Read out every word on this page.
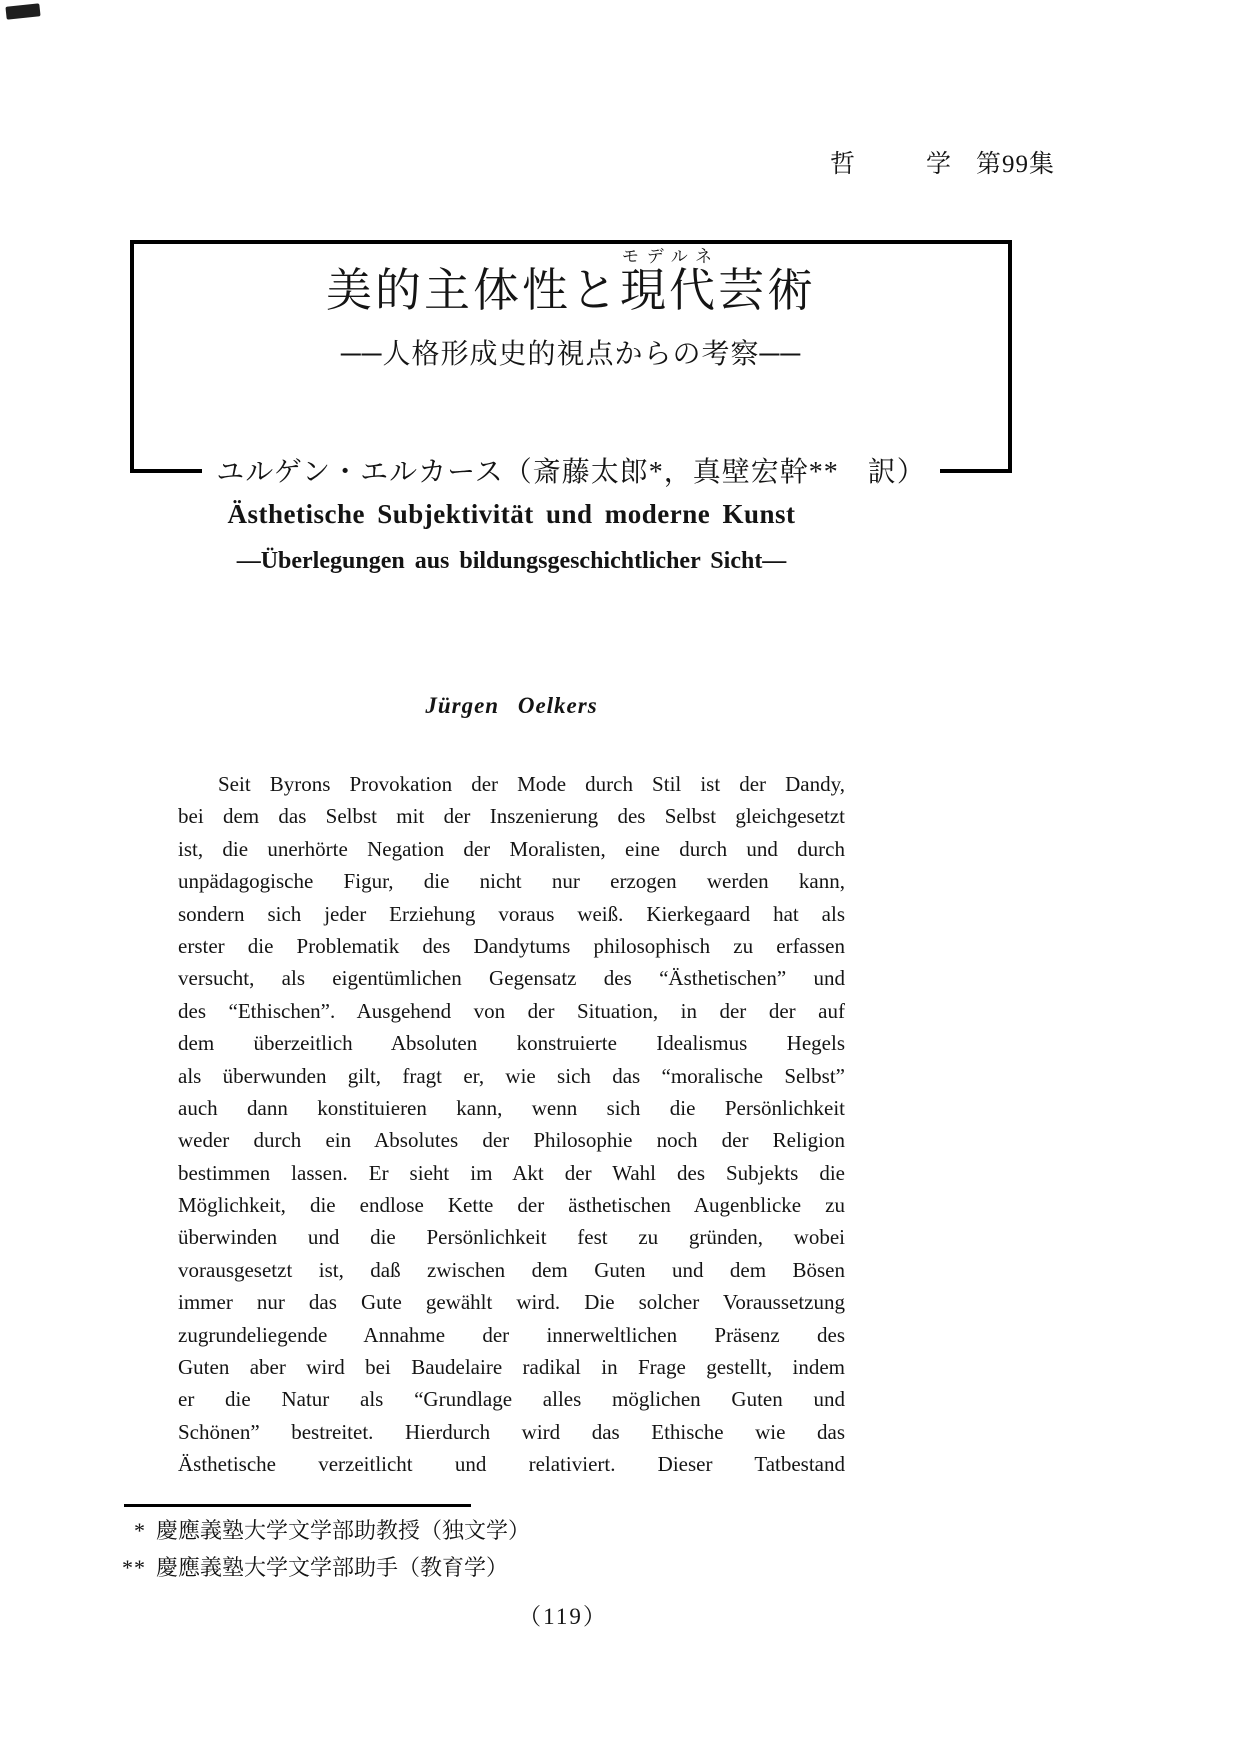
哲	学 第99集
美的主体性と現代モデルネ芸術
──人格形成史的視点からの考察──
ユルゲン・エルカース（斎藤太郎*，真壁宏幹**　訳）
Ästhetische Subjektivität und moderne Kunst
—Überlegungen aus bildungsgeschichtlicher Sicht—
Jürgen Oelkers
Seit Byrons Provokation der Mode durch Stil ist der Dandy,
bei dem das Selbst mit der Inszenierung des Selbst gleichgesetzt
ist, die unerhörte Negation der Moralisten, eine durch und durch
unpädagogische Figur, die nicht nur erzogen werden kann,
sondern sich jeder Erziehung voraus weiß. Kierkegaard hat als
erster die Problematik des Dandytums philosophisch zu erfassen
versucht, als eigentümlichen Gegensatz des “Ästhetischen” und
des “Ethischen”. Ausgehend von der Situation, in der der auf
dem überzeitlich Absoluten konstruierte Idealismus Hegels
als überwunden gilt, fragt er, wie sich das “moralische Selbst”
auch dann konstituieren kann, wenn sich die Persönlichkeit
weder durch ein Absolutes der Philosophie noch der Religion
bestimmen lassen. Er sieht im Akt der Wahl des Subjekts die
Möglichkeit, die endlose Kette der ästhetischen Augenblicke zu
überwinden und die Persönlichkeit fest zu gründen, wobei
vorausgesetzt ist, daß zwischen dem Guten und dem Bösen
immer nur das Gute gewählt wird. Die solcher Voraussetzung
zugrundeliegende Annahme der innerweltlichen Präsenz des
Guten aber wird bei Baudelaire radikal in Frage gestellt, indem
er die Natur als “Grundlage alles möglichen Guten und
Schönen” bestreitet. Hierdurch wird das Ethische wie das
Ästhetische verzeitlicht und relativiert. Dieser Tatbestand
* 慶應義塾大学文学部助教授（独文学）
** 慶應義塾大学文学部助手（教育学）
（119）
